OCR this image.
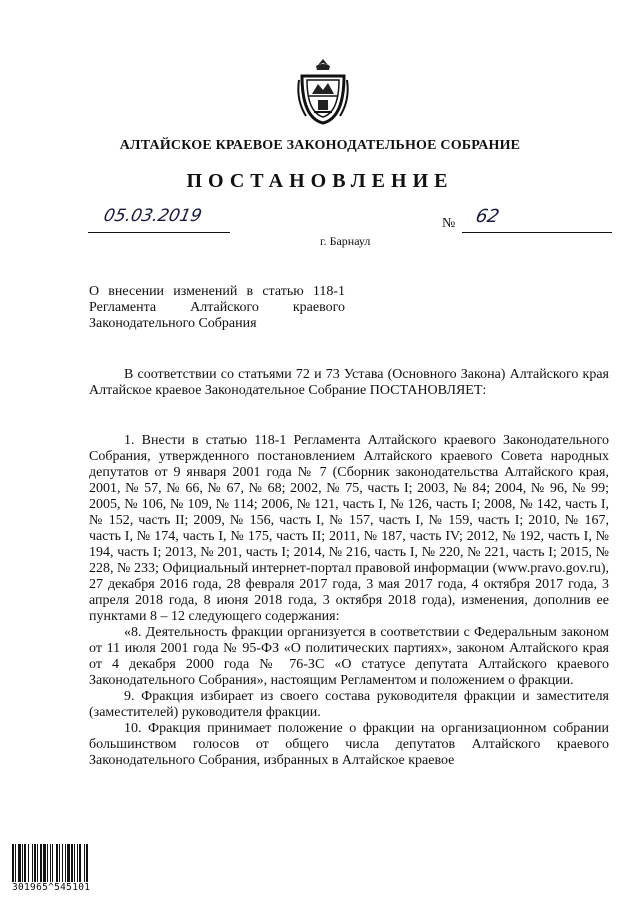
АЛТАЙСКОЕ КРАЕВОЕ ЗАКОНОДАТЕЛЬНОЕ СОБРАНИЕ
ПОСТАНОВЛЕНИЕ
05.03.2019	№ 62
г. Барнаул
О внесении изменений в статью 118-1 Регламента Алтайского краевого Законодательного Собрания

В соответствии со статьями 72 и 73 Устава (Основного Закона) Алтайского края Алтайское краевое Законодательное Собрание ПОСТАНОВЛЯЕТ:

1. Внести в статью 118-1 Регламента Алтайского краевого Законодательного Собрания, утвержденного постановлением Алтайского краевого Совета народных депутатов от 9 января 2001 года № 7 (Сборник законодательства Алтайского края, 2001, № 57, № 66, № 67, № 68; 2002, № 75, часть I; 2003, № 84; 2004, № 96, № 99; 2005, № 106, № 109, № 114; 2006, № 121, часть I, № 126, часть I; 2008, № 142, часть I, № 152, часть II; 2009, № 156, часть I, № 157, часть I, № 159, часть I; 2010, № 167, часть I, № 174, часть I, № 175, часть II; 2011, № 187, часть IV; 2012, № 192, часть I, № 194, часть I; 2013, № 201, часть I; 2014, № 216, часть I, № 220, № 221, часть I; 2015, № 228, № 233; Официальный интернет-портал правовой информации (www.pravo.gov.ru), 27 декабря 2016 года, 28 февраля 2017 года, 3 мая 2017 года, 4 октября 2017 года, 3 апреля 2018 года, 8 июня 2018 года, 3 октября 2018 года), изменения, дополнив ее пунктами 8 – 12 следующего содержания:

«8. Деятельность фракции организуется в соответствии с Федеральным законом от 11 июля 2001 года № 95-ФЗ «О политических партиях», законом Алтайского края от 4 декабря 2000 года № 76-ЗС «О статусе депутата Алтайского краевого Законодательного Собрания», настоящим Регламентом и положением о фракции.

9. Фракция избирает из своего состава руководителя фракции и заместителя (заместителей) руководителя фракции.

10. Фракция принимает положение о фракции на организационном собрании большинством голосов от общего числа депутатов Алтайского краевого Законодательного Собрания, избранных в Алтайское краевое

301965^545101
